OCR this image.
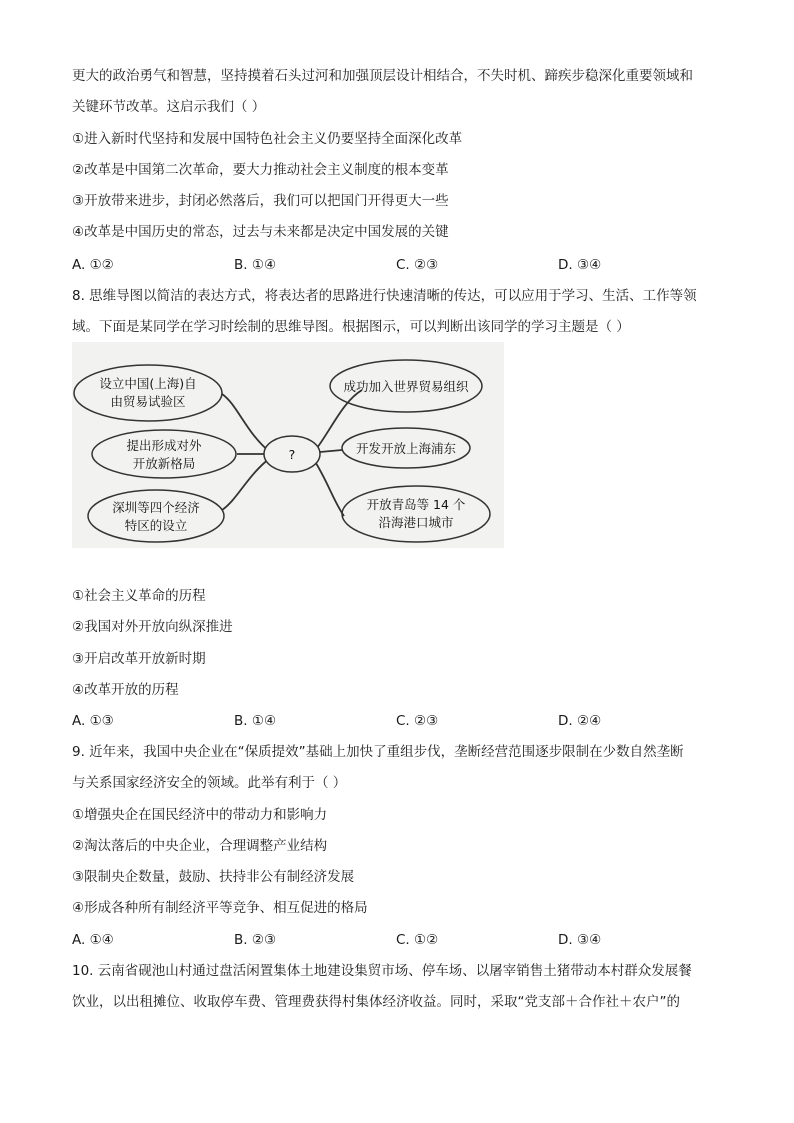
更大的政治勇气和智慧，坚持摸着石头过河和加强顶层设计相结合，不失时机、蹄疾步稳深化重要领域和
关键环节改革。这启示我们（ ）
①进入新时代坚持和发展中国特色社会主义仍要坚持全面深化改革
②改革是中国第二次革命，要大力推动社会主义制度的根本变革
③开放带来进步，封闭必然落后，我们可以把国门开得更大一些
④改革是中国历史的常态，过去与未来都是决定中国发展的关键
A. ①②	B. ①④	C. ②③	D. ③④
8. 思维导图以简洁的表达方式，将表达者的思路进行快速清晰的传达，可以应用于学习、生活、工作等领
域。下面是某同学在学习时绘制的思维导图。根据图示，可以判断出该同学的学习主题是（ ）
设立中国(上海)自
由贸易试验区
提出形成对外
开放新格局
深圳等四个经济
特区的设立
?
成功加入世界贸易组织
开发开放上海浦东
开放青岛等 14 个
沿海港口城市
①社会主义革命的历程
②我国对外开放向纵深推进
③开启改革开放新时期
④改革开放的历程
A. ①③	B. ①④	C. ②③	D. ②④
9. 近年来，我国中央企业在“保质提效”基础上加快了重组步伐，垄断经营范围逐步限制在少数自然垄断
与关系国家经济安全的领域。此举有利于（ ）
①增强央企在国民经济中的带动力和影响力
②淘汰落后的中央企业，合理调整产业结构
③限制央企数量，鼓励、扶持非公有制经济发展
④形成各种所有制经济平等竞争、相互促进的格局
A. ①④	B. ②③	C. ①②	D. ③④
10. 云南省砚池山村通过盘活闲置集体土地建设集贸市场、停车场、以屠宰销售土猪带动本村群众发展餐
饮业，以出租摊位、收取停车费、管理费获得村集体经济收益。同时，采取“党支部＋合作社＋农户”的
